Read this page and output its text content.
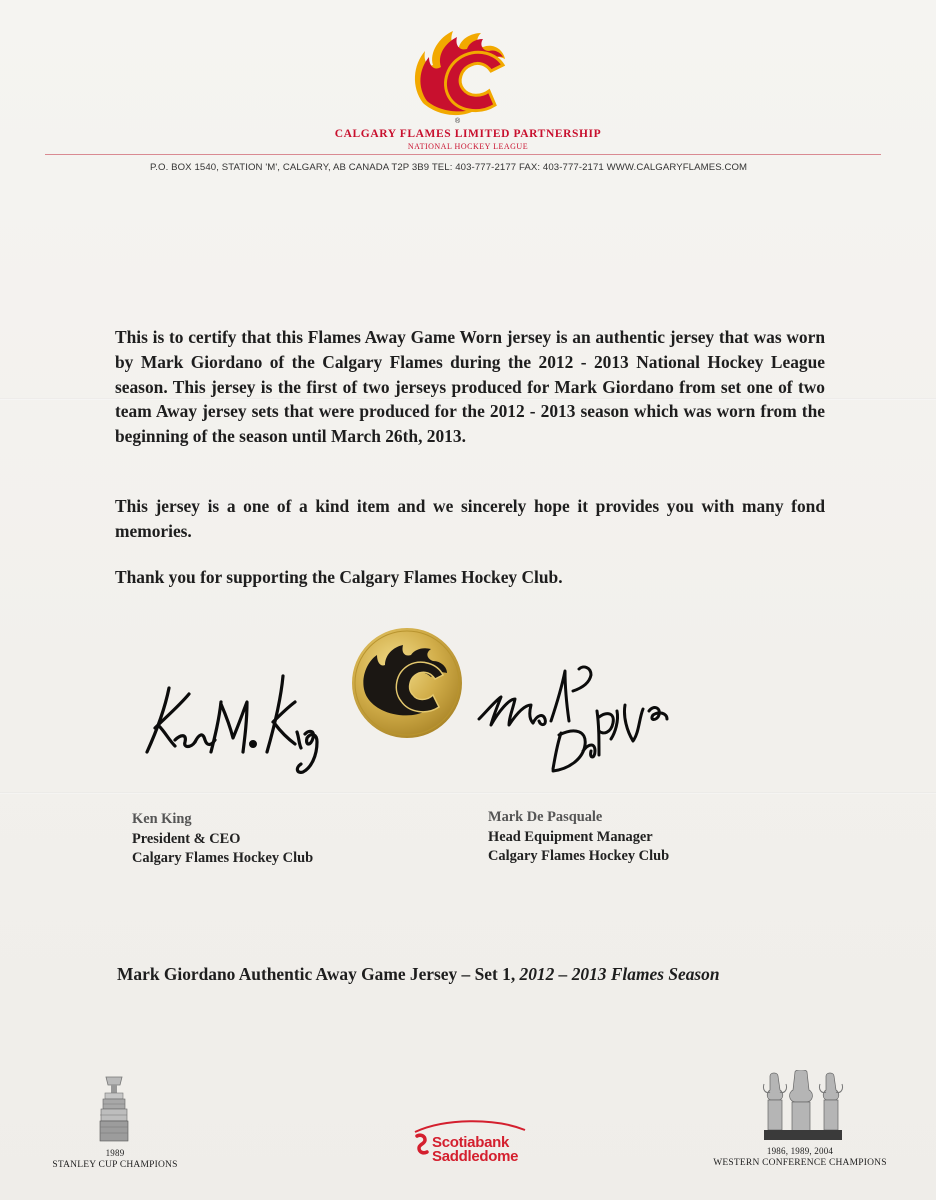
®
CALGARY FLAMES LIMITED PARTNERSHIP
NATIONAL HOCKEY LEAGUE
P.O. BOX 1540, STATION 'M', CALGARY, AB CANADA T2P 3B9 TEL: 403-777-2177 FAX: 403-777-2171 WWW.CALGARYFLAMES.COM
This is to certify that this Flames Away Game Worn jersey is an authentic jersey that was worn by Mark Giordano of the Calgary Flames during the 2012 - 2013 National Hockey League season. This jersey is the first of two jerseys produced for Mark Giordano from set one of two team Away jersey sets that were produced for the 2012 - 2013 season which was worn from the beginning of the season until March 26th, 2013.
This jersey is a one of a kind item and we sincerely hope it provides you with many fond memories.
Thank you for supporting the Calgary Flames Hockey Club.
Ken King
President & CEO
Calgary Flames Hockey Club
Mark De Pasquale
Head Equipment Manager
Calgary Flames Hockey Club
Mark Giordano Authentic Away Game Jersey – Set 1, 2012 – 2013 Flames Season
1989
STANLEY CUP CHAMPIONS
Scotiabank
Saddledome	1986, 1989, 2004
WESTERN CONFERENCE CHAMPIONS
